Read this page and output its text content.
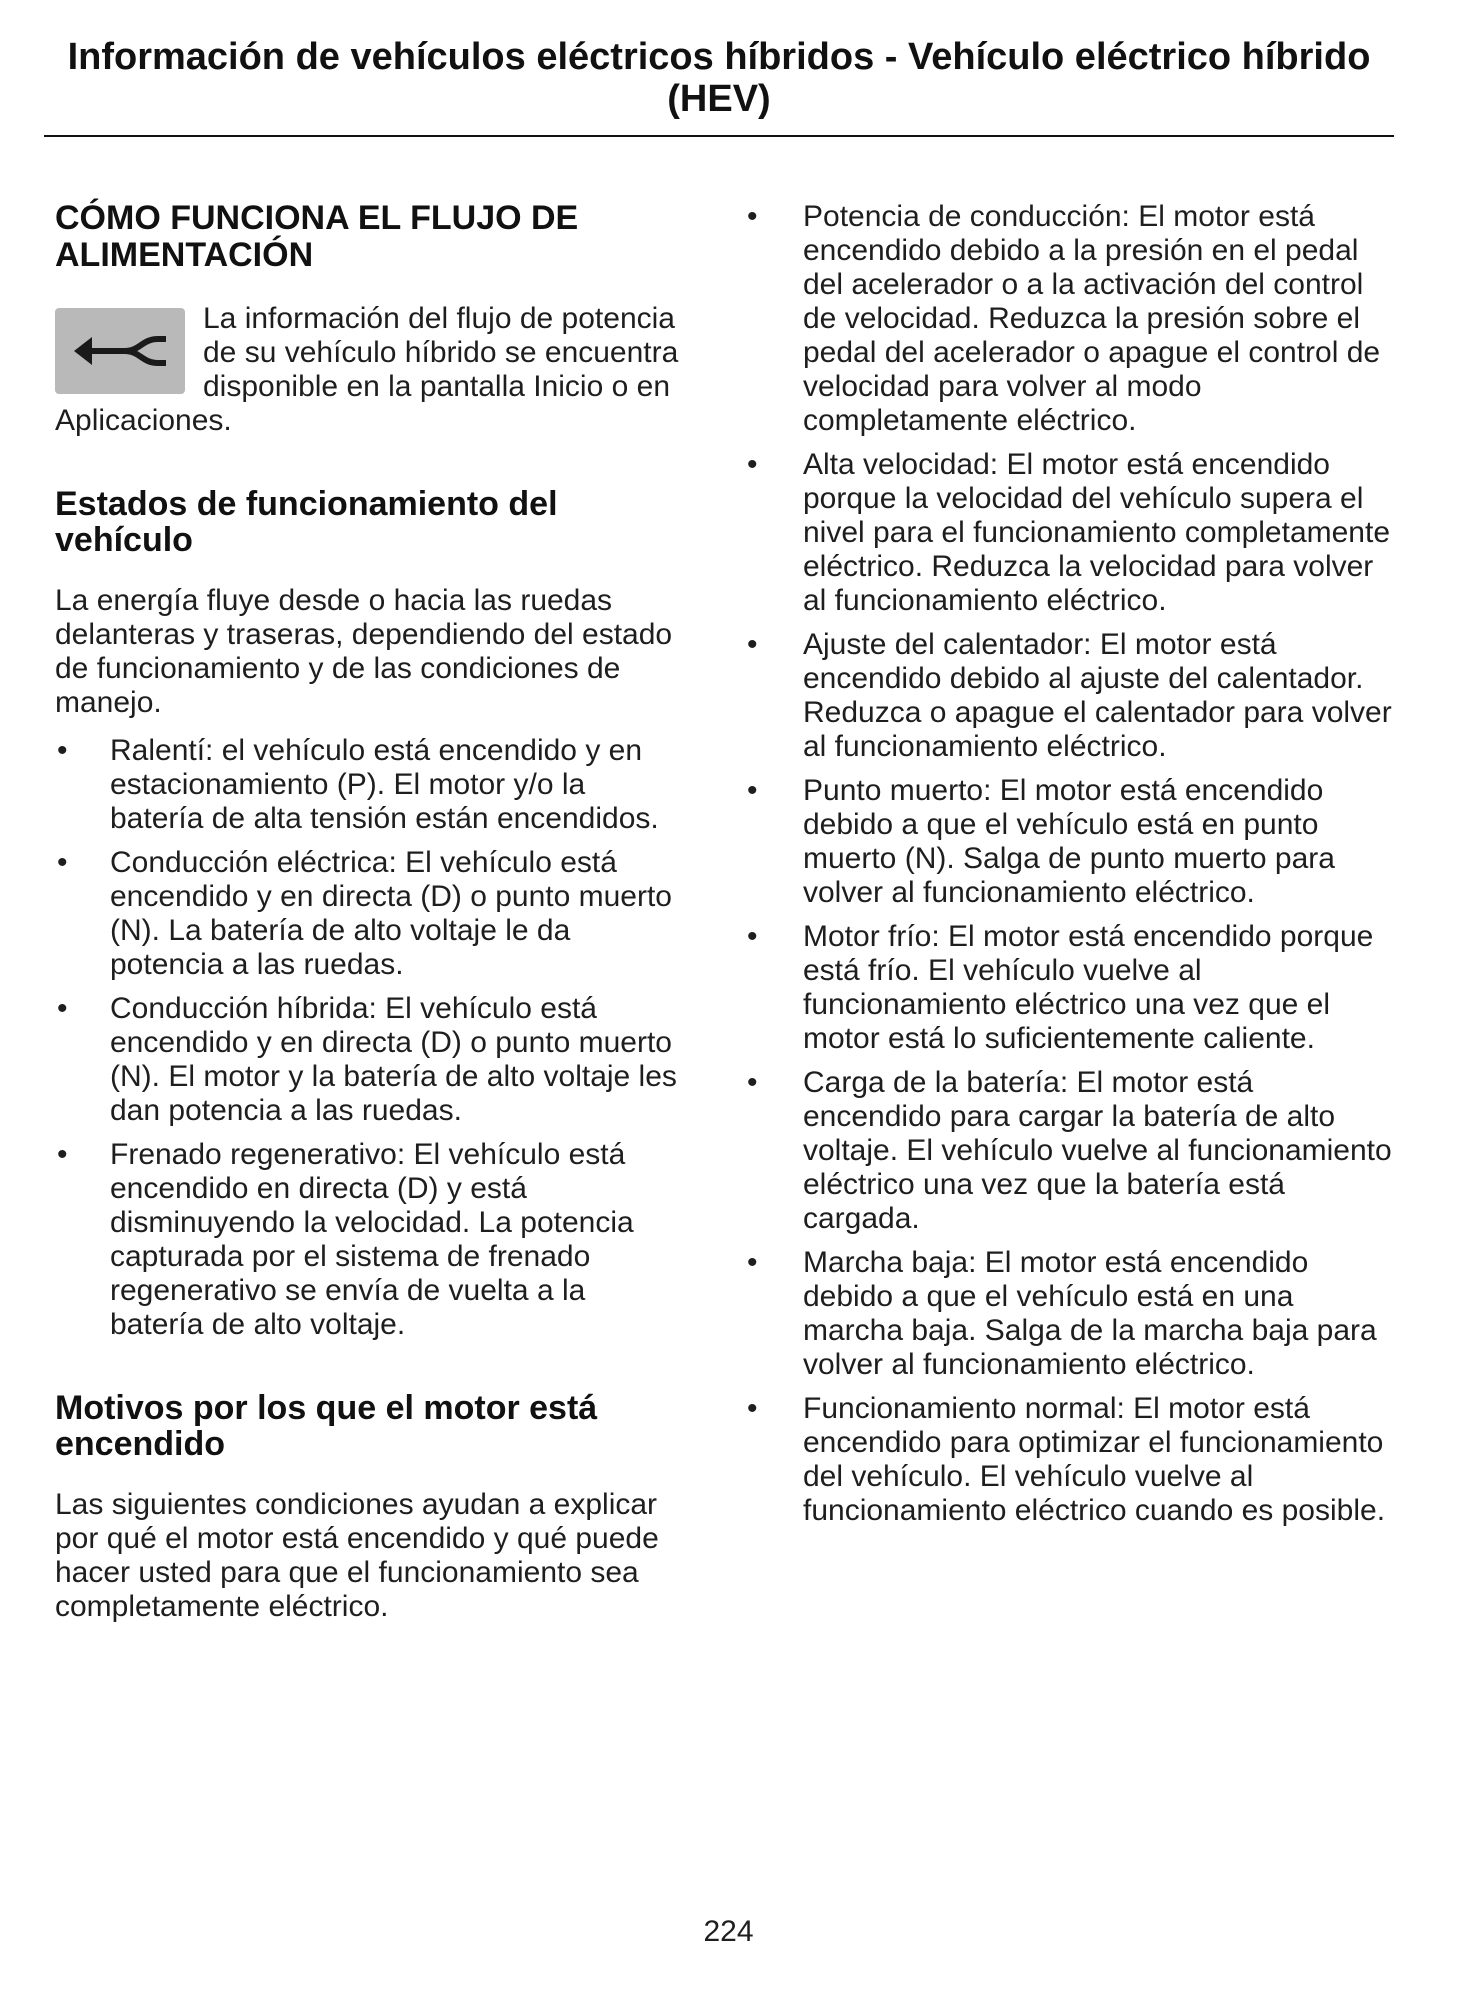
Información de vehículos eléctricos híbridos - Vehículo eléctrico híbrido (HEV)
CÓMO FUNCIONA EL FLUJO DE ALIMENTACIÓN

La información del flujo de potencia de su vehículo híbrido se encuentra disponible en la pantalla Inicio o en Aplicaciones.

Estados de funcionamiento del vehículo

La energía fluye desde o hacia las ruedas delanteras y traseras, dependiendo del estado de funcionamiento y de las condiciones de manejo.

• Ralentí: el vehículo está encendido y en estacionamiento (P). El motor y/o la batería de alta tensión están encendidos.
• Conducción eléctrica: El vehículo está encendido y en directa (D) o punto muerto (N). La batería de alto voltaje le da potencia a las ruedas.
• Conducción híbrida: El vehículo está encendido y en directa (D) o punto muerto (N). El motor y la batería de alto voltaje les dan potencia a las ruedas.
• Frenado regenerativo: El vehículo está encendido en directa (D) y está disminuyendo la velocidad. La potencia capturada por el sistema de frenado regenerativo se envía de vuelta a la batería de alto voltaje.
Motivos por los que el motor está encendido

Las siguientes condiciones ayudan a explicar por qué el motor está encendido y qué puede hacer usted para que el funcionamiento sea completamente eléctrico.

• Potencia de conducción: El motor está encendido debido a la presión en el pedal del acelerador o a la activación del control de velocidad. Reduzca la presión sobre el pedal del acelerador o apague el control de velocidad para volver al modo completamente eléctrico.
• Alta velocidad: El motor está encendido porque la velocidad del vehículo supera el nivel para el funcionamiento completamente eléctrico. Reduzca la velocidad para volver al funcionamiento eléctrico.
• Ajuste del calentador: El motor está encendido debido al ajuste del calentador. Reduzca o apague el calentador para volver al funcionamiento eléctrico.
• Punto muerto: El motor está encendido debido a que el vehículo está en punto muerto (N). Salga de punto muerto para volver al funcionamiento eléctrico.
• Motor frío: El motor está encendido porque está frío. El vehículo vuelve al funcionamiento eléctrico una vez que el motor está lo suficientemente caliente.
• Carga de la batería: El motor está encendido para cargar la batería de alto voltaje. El vehículo vuelve al funcionamiento eléctrico una vez que la batería está cargada.
• Marcha baja: El motor está encendido debido a que el vehículo está en una marcha baja. Salga de la marcha baja para volver al funcionamiento eléctrico.
• Funcionamiento normal: El motor está encendido para optimizar el funcionamiento del vehículo. El vehículo vuelve al funcionamiento eléctrico cuando es posible.
224
